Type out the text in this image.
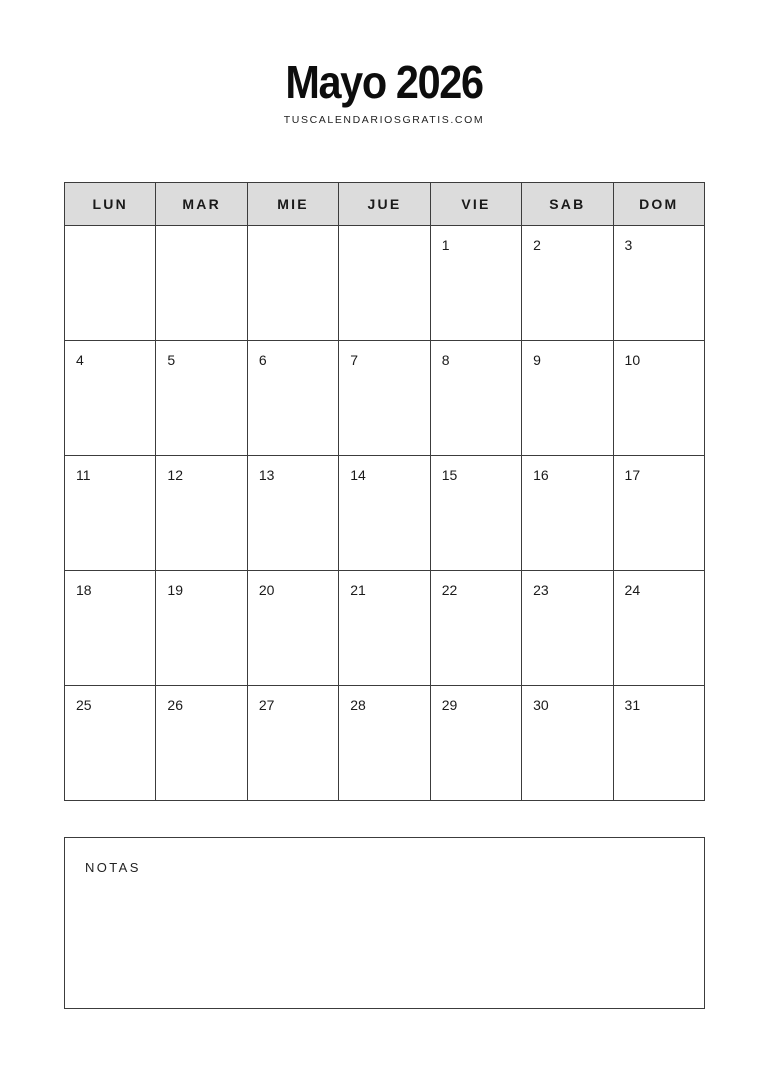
Mayo 2026
TUSCALENDARIOSGRATIS.COM
LUN	MAR	MIE	JUE	VIE	SAB	DOM

				1	2	3

4	5	6	7	8	9	10

11	12	13	14	15	16	17

18	19	20	21	22	23	24

25	26	27	28	29	30	31
NOTAS
